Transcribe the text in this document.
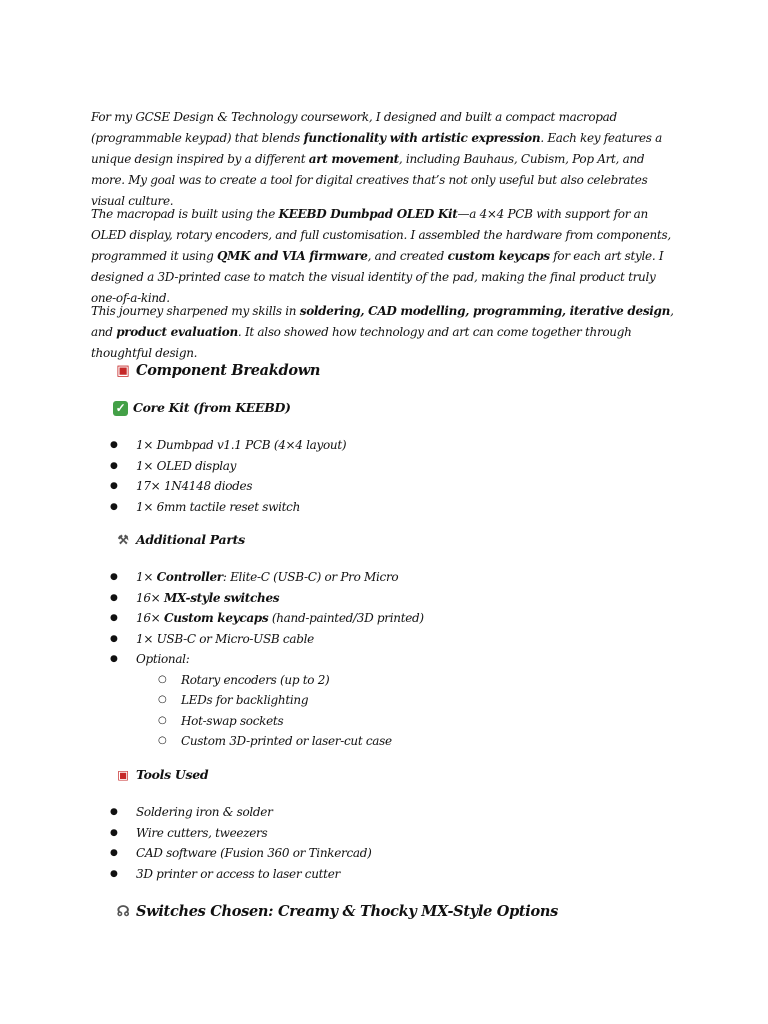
For my GCSE Design & Technology coursework, I designed and built a compact macropad (programmable keypad) that blends functionality with artistic expression. Each key features a unique design inspired by a different art movement, including Bauhaus, Cubism, Pop Art, and more. My goal was to create a tool for digital creatives that’s not only useful but also celebrates visual culture.

The macropad is built using the KEEBD Dumbpad OLED Kit—a 4×4 PCB with support for an OLED display, rotary encoders, and full customisation. I assembled the hardware from components, programmed it using QMK and VIA firmware, and created custom keycaps for each art style. I designed a 3D-printed case to match the visual identity of the pad, making the final product truly one-of-a-kind.

This journey sharpened my skills in soldering, CAD modelling, programming, iterative design, and product evaluation. It also showed how technology and art can come together through thoughtful design.

▣ Component Breakdown
✓ Core Kit (from KEEBD)
● 1× Dumbpad v1.1 PCB (4×4 layout)
● 1× OLED display
● 17× 1N4148 diodes
● 1× 6mm tactile reset switch
⚒ Additional Parts
● 1× Controller: Elite-C (USB-C) or Pro Micro
● 16× MX-style switches
● 16× Custom keycaps (hand-painted/3D printed)
● 1× USB-C or Micro-USB cable
● Optional:
○ Rotary encoders (up to 2)
○ LEDs for backlighting
○ Hot-swap sockets
○ Custom 3D-printed or laser-cut case
▣ Tools Used
● Soldering iron & solder
● Wire cutters, tweezers
● CAD software (Fusion 360 or Tinkercad)
● 3D printer or access to laser cutter
☊ Switches Chosen: Creamy & Thocky MX-Style Options
